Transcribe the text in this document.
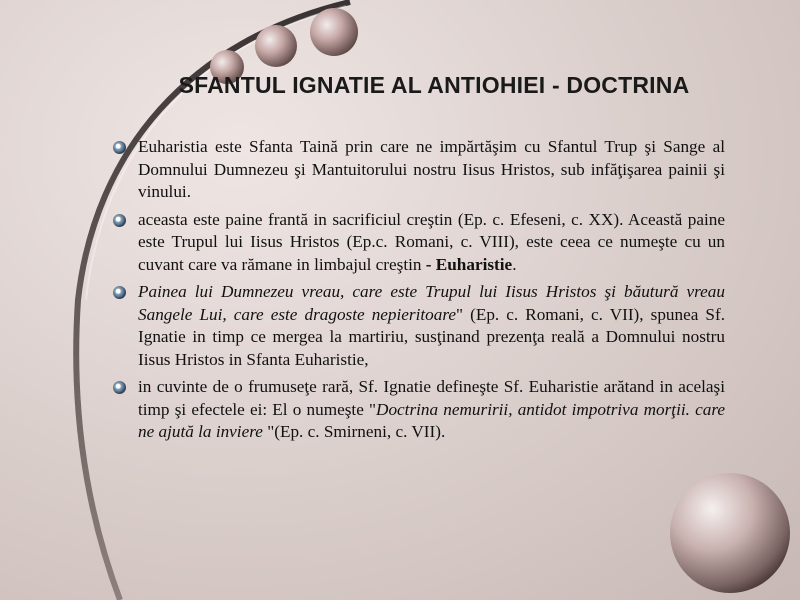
SFANTUL IGNATIE AL ANTIOHIEI - DOCTRINA
Euharistia este Sfanta Taină prin care ne impărtăşim cu Sfantul Trup şi Sange al Domnului Dumnezeu şi Mantuitorului nostru Iisus Hristos, sub infăţişarea painii şi vinului.
aceasta este paine frantă in sacrificiul creştin (Ep. c. Efeseni, c. XX). Această paine este Trupul lui Iisus Hristos (Ep.c. Romani, c. VIII), este ceea ce numeşte cu un cuvant care va rămane in limbajul creştin - Euharistie.
Painea lui Dumnezeu vreau, care este Trupul lui Iisus Hristos şi băutură vreau Sangele Lui, care este dragoste nepieritoare" (Ep. c. Romani, c. VII), spunea Sf. Ignatie in timp ce mergea la martiriu, susţinand prezenţa reală a Domnului nostru Iisus Hristos in Sfanta Euharistie,
in cuvinte de o frumuseţe rară, Sf. Ignatie defineşte Sf. Euharistie arătand in acelaşi timp şi efectele ei: El o numeşte "Doctrina nemuririi, antidot impotriva morţii. care ne ajută la inviere "(Ep. c. Smirneni, c. VII).
